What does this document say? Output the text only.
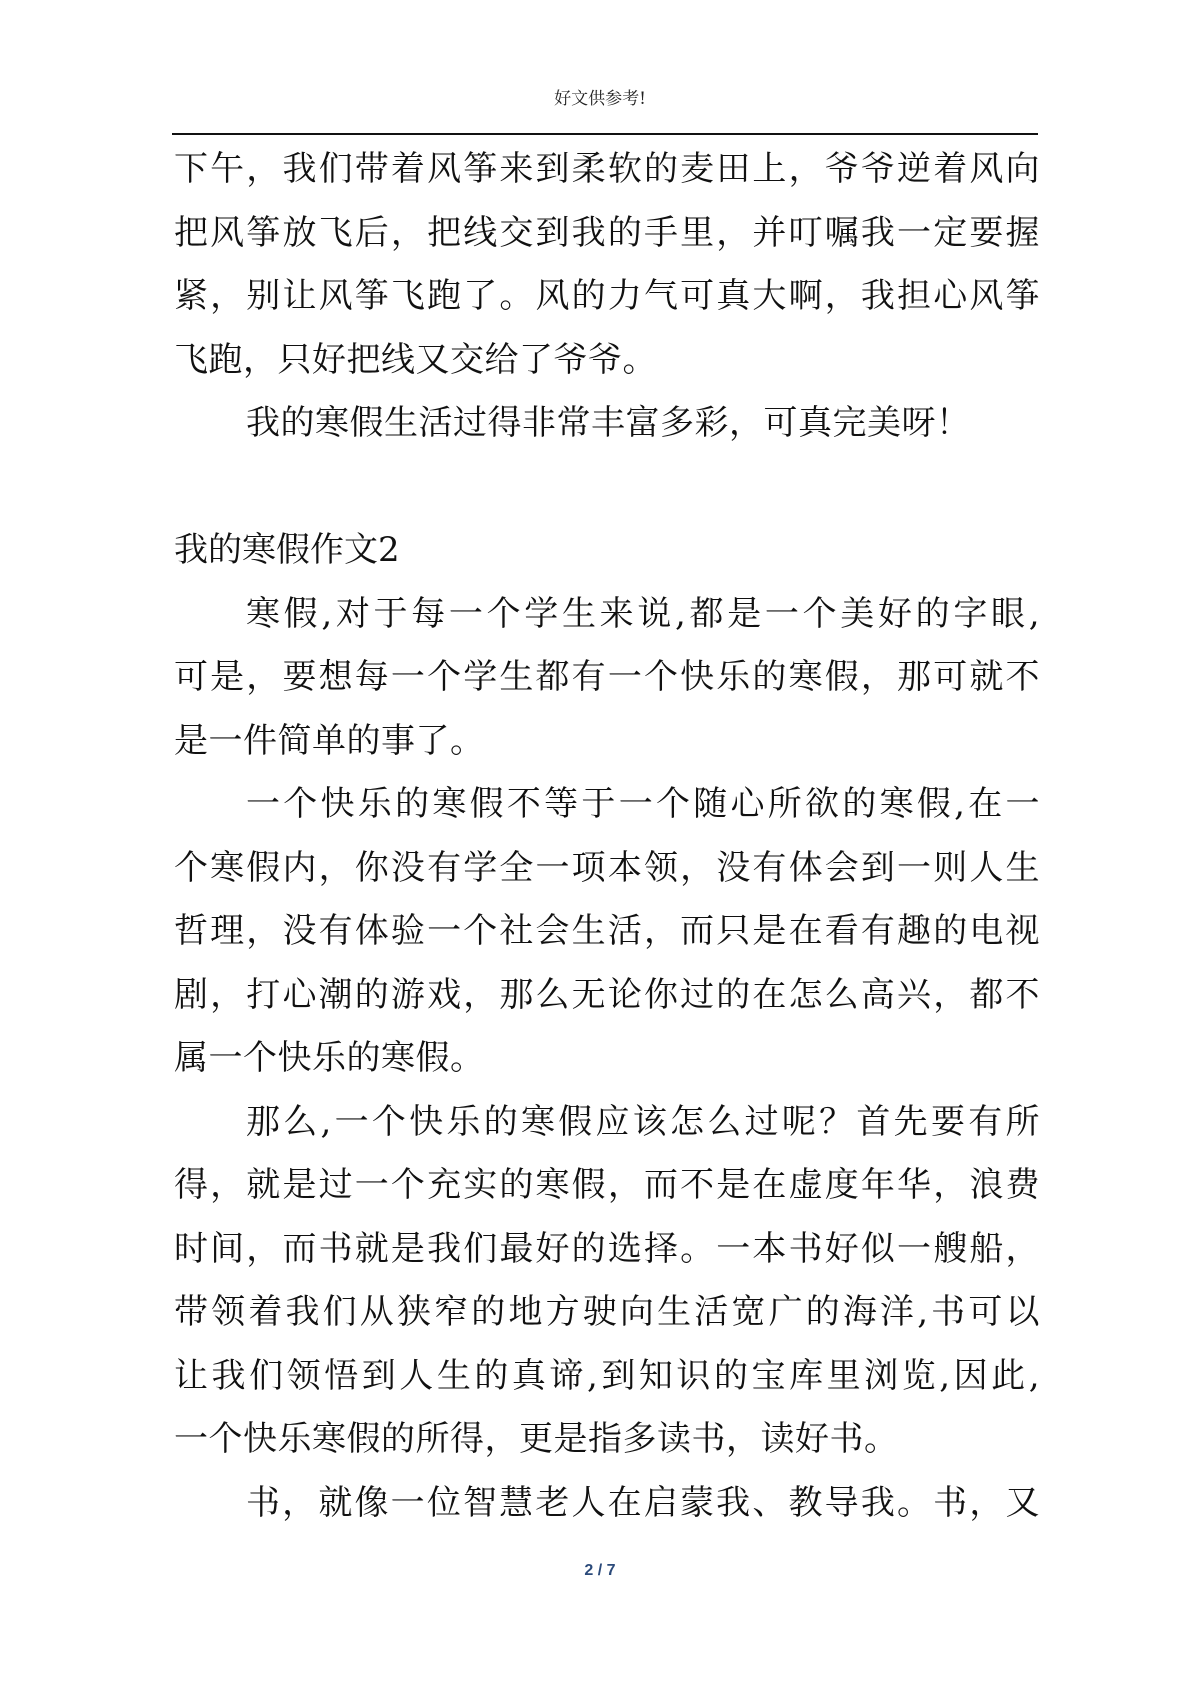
好文供参考!
下午，我们带着风筝来到柔软的麦田上，爷爷逆着风向
把风筝放飞后，把线交到我的手里，并叮嘱我一定要握
紧，别让风筝飞跑了。风的力气可真大啊，我担心风筝
飞跑，只好把线又交给了爷爷。
我的寒假生活过得非常丰富多彩，可真完美呀！
我的寒假作文2
寒假,对于每一个学生来说,都是一个美好的字眼,
可是，要想每一个学生都有一个快乐的寒假，那可就不
是一件简单的事了。
一个快乐的寒假不等于一个随心所欲的寒假,在一
个寒假内，你没有学全一项本领，没有体会到一则人生
哲理，没有体验一个社会生活，而只是在看有趣的电视
剧，打心潮的游戏，那么无论你过的在怎么高兴，都不
属一个快乐的寒假。
那么,一个快乐的寒假应该怎么过呢？首先要有所
得，就是过一个充实的寒假，而不是在虚度年华，浪费
时间，而书就是我们最好的选择。一本书好似一艘船，
带领着我们从狭窄的地方驶向生活宽广的海洋,书可以
让我们领悟到人生的真谛,到知识的宝库里浏览,因此,
一个快乐寒假的所得，更是指多读书，读好书。
书，就像一位智慧老人在启蒙我、教导我。书，又
2 / 7
